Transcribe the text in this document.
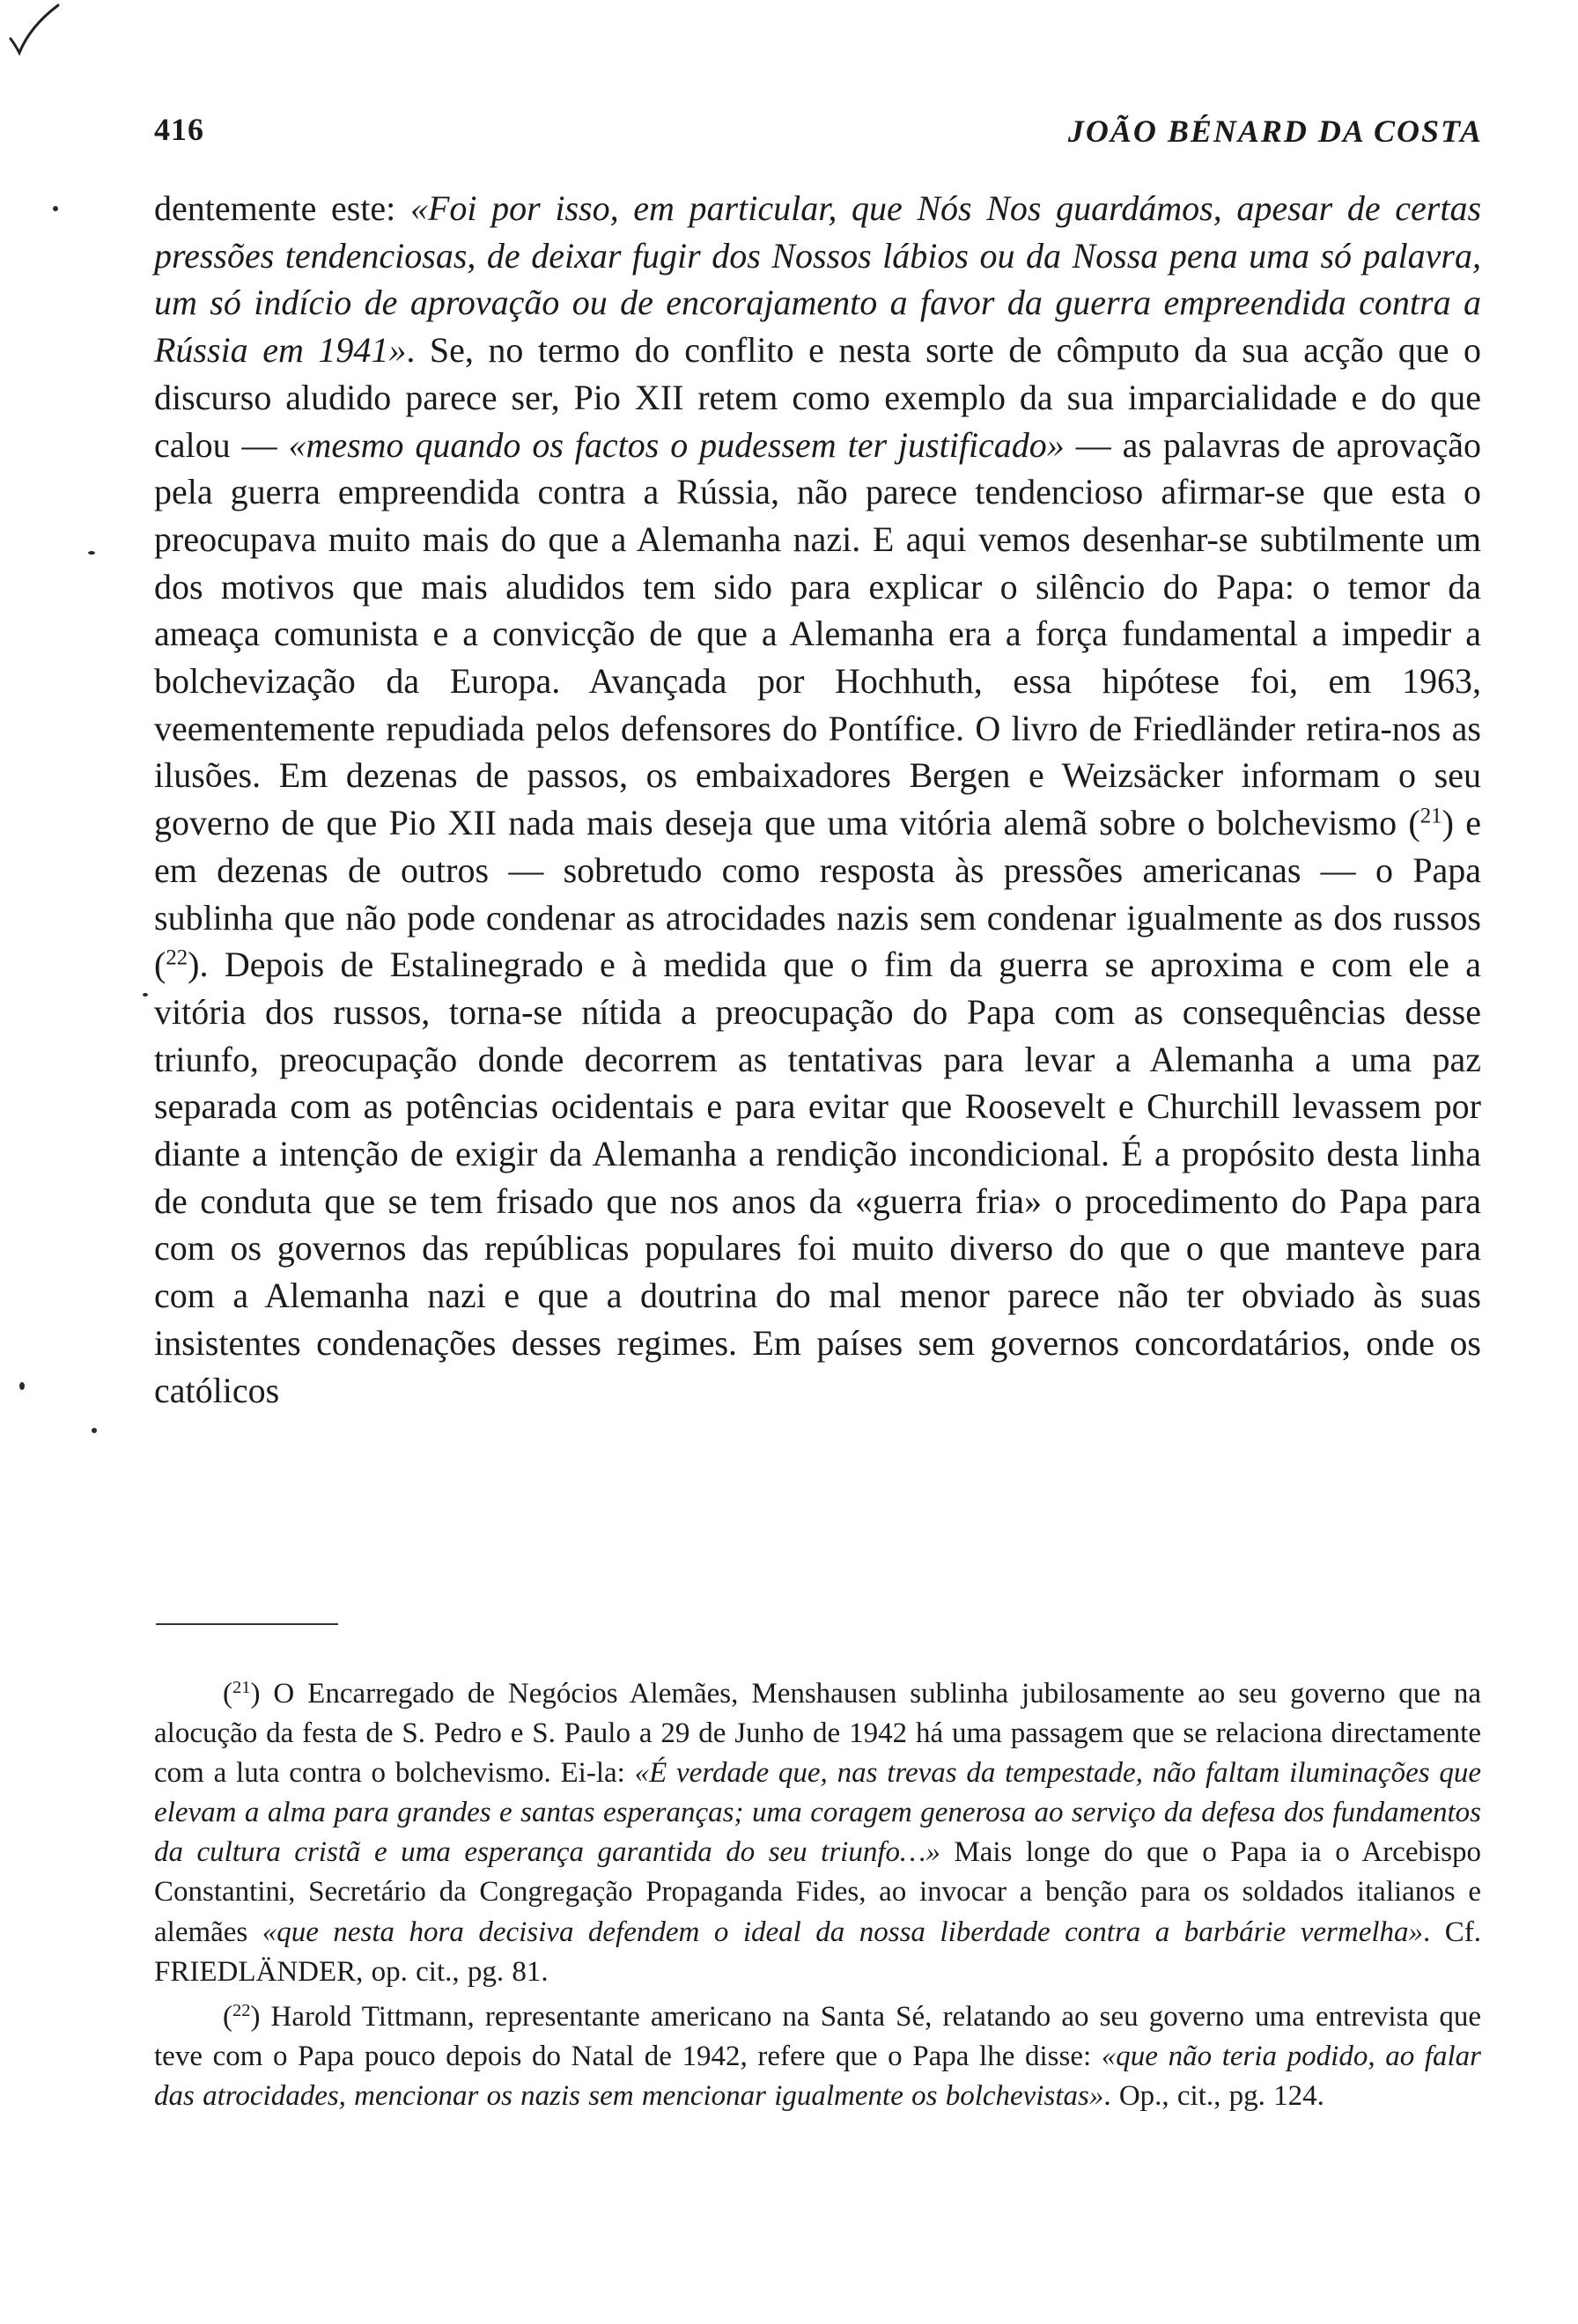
416	JOÃO BÉNARD DA COSTA

dentemente este: «Foi por isso, em particular, que Nós Nos guardámos, apesar de certas pressões tendenciosas, de deixar fugir dos Nossos lábios ou da Nossa pena uma só palavra, um só indício de aprovação ou de encorajamento a favor da guerra empreendida contra a Rússia em 1941». Se, no termo do conflito e nesta sorte de cômputo da sua acção que o discurso aludido parece ser, Pio XII retem como exemplo da sua imparcialidade e do que calou — «mesmo quando os factos o pudessem ter justificado» — as palavras de aprovação pela guerra empreendida contra a Rússia, não parece tendencioso afirmar-se que esta o preocupava muito mais do que a Alemanha nazi. E aqui vemos desenhar-se subtilmente um dos motivos que mais aludidos tem sido para explicar o silêncio do Papa: o temor da ameaça comunista e a convicção de que a Alemanha era a força fundamental a impedir a bolchevização da Europa. Avançada por Hochhuth, essa hipótese foi, em 1963, veementemente repudiada pelos defensores do Pontífice. O livro de Friedländer retira-nos as ilusões. Em dezenas de passos, os embaixadores Bergen e Weizsäcker informam o seu governo de que Pio XII nada mais deseja que uma vitória alemã sobre o bolchevismo ($^{21}$) e em dezenas de outros — sobretudo como resposta às pressões americanas — o Papa sublinha que não pode condenar as atrocidades nazis sem condenar igualmente as dos russos ($^{22}$). Depois de Estalinegrado e à medida que o fim da guerra se aproxima e com ele a vitória dos russos, torna-se nítida a preocupação do Papa com as consequências desse triunfo, preocupação donde decorrem as tentativas para levar a Alemanha a uma paz separada com as potências ocidentais e para evitar que Roosevelt e Churchill levassem por diante a intenção de exigir da Alemanha a rendição incondicional. É a propósito desta linha de conduta que se tem frisado que nos anos da «guerra fria» o procedimento do Papa para com os governos das repúblicas populares foi muito diverso do que o que manteve para com a Alemanha nazi e que a doutrina do mal menor parece não ter obviado às suas insistentes condenações desses regimes. Em países sem governos concordatários, onde os católicos

($^{21}$) O Encarregado de Negócios Alemães, Menshausen sublinha jubilosamente ao seu governo que na alocução da festa de S. Pedro e S. Paulo a 29 de Junho de 1942 há uma passagem que se relaciona directamente com a luta contra o bolchevismo. Ei-la: «É verdade que, nas trevas da tempestade, não faltam iluminações que elevam a alma para grandes e santas esperanças; uma coragem generosa ao serviço da defesa dos fundamentos da cultura cristã e uma esperança garantida do seu triunfo…» Mais longe do que o Papa ia o Arcebispo Constantini, Secretário da Congregação Propaganda Fides, ao invocar a benção para os soldados italianos e alemães «que nesta hora decisiva defendem o ideal da nossa liberdade contra a barbárie vermelha». Cf. FRIEDLÄNDER, op. cit., pg. 81.

($^{22}$) Harold Tittmann, representante americano na Santa Sé, relatando ao seu governo uma entrevista que teve com o Papa pouco depois do Natal de 1942, refere que o Papa lhe disse: «que não teria podido, ao falar das atrocidades, mencionar os nazis sem mencionar igualmente os bolchevistas». Op., cit., pg. 124.
